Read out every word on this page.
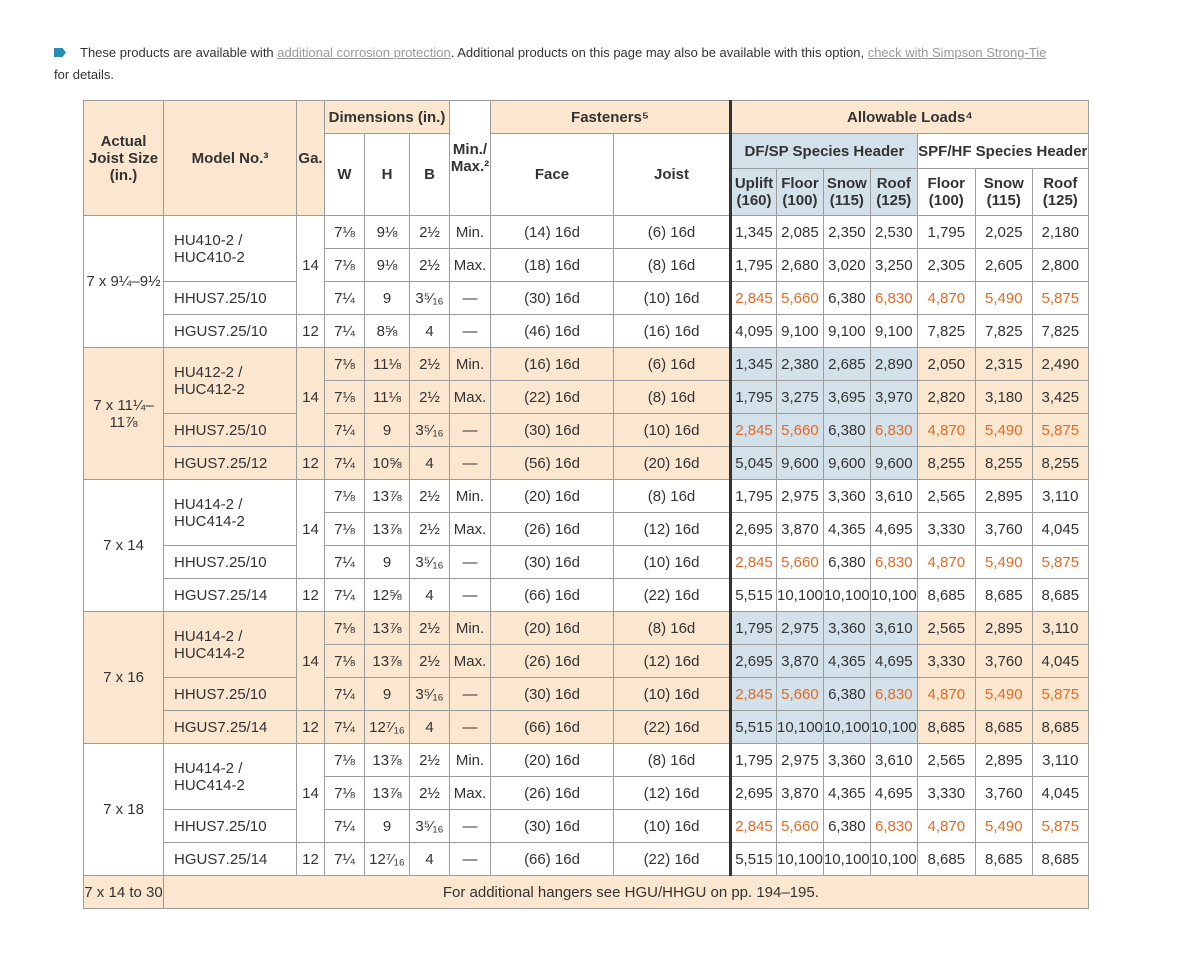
These products are available with additional corrosion protection. Additional products on this page may also be available with this option, check with Simpson Strong-Tie for details.
Actual Joist Size (in.)	Model No.³	Ga.	Dimensions (in.)			Min./ Max.²	Fasteners⁵		Allowable Loads⁴						
			W	H	B		Face	Joist	DF/SP Species Header				SPF/HF Species Header		
									Uplift (160)	Floor (100)	Snow (115)	Roof (125)	Floor (100)	Snow (115)	Roof (125)
7 x 9¼–9½	HU410-2 / HUC410-2	14	7⅛	9⅛	2½	Min.	(14) 16d	(6) 16d	1,345	2,085	2,350	2,530	1,795	2,025	2,180
			7⅛	9⅛	2½	Max.	(18) 16d	(8) 16d	1,795	2,680	3,020	3,250	2,305	2,605	2,800
	HHUS7.25/10		7¼	9	3⁵⁄₁₆	—	(30) 16d	(10) 16d	2,845	5,660	6,380	6,830	4,870	5,490	5,875
	HGUS7.25/10	12	7¼	8⅝	4	—	(46) 16d	(16) 16d	4,095	9,100	9,100	9,100	7,825	7,825	7,825
7 x 11¼–11⅞	HU412-2 / HUC412-2	14	7⅛	11⅛	2½	Min.	(16) 16d	(6) 16d	1,345	2,380	2,685	2,890	2,050	2,315	2,490
			7⅛	11⅛	2½	Max.	(22) 16d	(8) 16d	1,795	3,275	3,695	3,970	2,820	3,180	3,425
	HHUS7.25/10		7¼	9	3⁵⁄₁₆	—	(30) 16d	(10) 16d	2,845	5,660	6,380	6,830	4,870	5,490	5,875
	HGUS7.25/12	12	7¼	10⅝	4	—	(56) 16d	(20) 16d	5,045	9,600	9,600	9,600	8,255	8,255	8,255
7 x 14	HU414-2 / HUC414-2	14	7⅛	13⅞	2½	Min.	(20) 16d	(8) 16d	1,795	2,975	3,360	3,610	2,565	2,895	3,110
			7⅛	13⅞	2½	Max.	(26) 16d	(12) 16d	2,695	3,870	4,365	4,695	3,330	3,760	4,045
	HHUS7.25/10		7¼	9	3⁵⁄₁₆	—	(30) 16d	(10) 16d	2,845	5,660	6,380	6,830	4,870	5,490	5,875
	HGUS7.25/14	12	7¼	12⅝	4	—	(66) 16d	(22) 16d	5,515	10,100	10,100	10,100	8,685	8,685	8,685
7 x 16	HU414-2 / HUC414-2	14	7⅛	13⅞	2½	Min.	(20) 16d	(8) 16d	1,795	2,975	3,360	3,610	2,565	2,895	3,110
			7⅛	13⅞	2½	Max.	(26) 16d	(12) 16d	2,695	3,870	4,365	4,695	3,330	3,760	4,045
	HHUS7.25/10		7¼	9	3⁵⁄₁₆	—	(30) 16d	(10) 16d	2,845	5,660	6,380	6,830	4,870	5,490	5,875
	HGUS7.25/14	12	7¼	12⁷⁄₁₆	4	—	(66) 16d	(22) 16d	5,515	10,100	10,100	10,100	8,685	8,685	8,685
7 x 18	HU414-2 / HUC414-2	14	7⅛	13⅞	2½	Min.	(20) 16d	(8) 16d	1,795	2,975	3,360	3,610	2,565	2,895	3,110
			7⅛	13⅞	2½	Max.	(26) 16d	(12) 16d	2,695	3,870	4,365	4,695	3,330	3,760	4,045
	HHUS7.25/10		7¼	9	3⁵⁄₁₆	—	(30) 16d	(10) 16d	2,845	5,660	6,380	6,830	4,870	5,490	5,875
	HGUS7.25/14	12	7¼	12⁷⁄₁₆	4	—	(66) 16d	(22) 16d	5,515	10,100	10,100	10,100	8,685	8,685	8,685
7 x 14 to 30	For additional hangers see HGU/HHGU on pp. 194–195.														
